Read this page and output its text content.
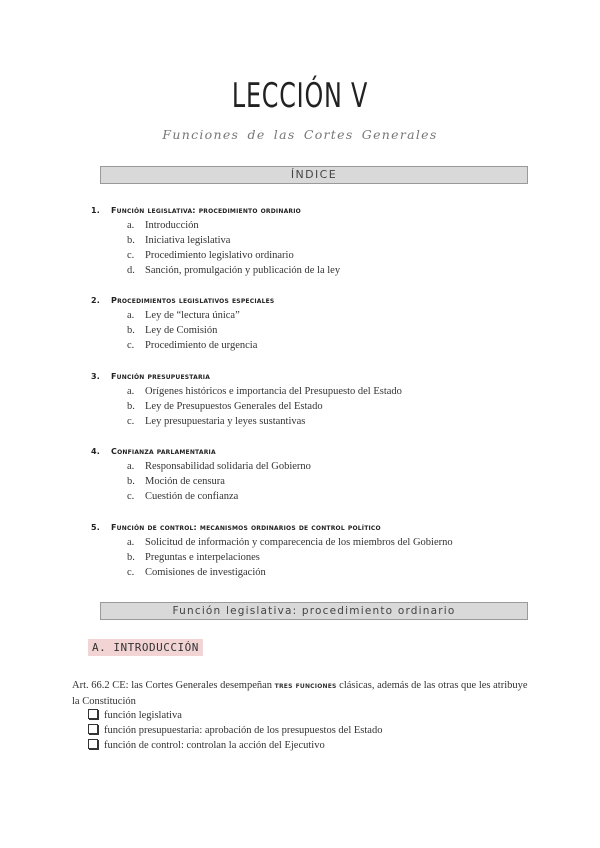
LECCIÓN V
Funciones de las Cortes Generales
ÍNDICE
1. Función legislativa: procedimiento ordinario
a. Introducción
b. Iniciativa legislativa
c. Procedimiento legislativo ordinario
d. Sanción, promulgación y publicación de la ley
2. Procedimientos legislativos especiales
a. Ley de “lectura única”
b. Ley de Comisión
c. Procedimiento de urgencia
3. Función presupuestaria
a. Orígenes históricos e importancia del Presupuesto del Estado
b. Ley de Presupuestos Generales del Estado
c. Ley presupuestaria y leyes sustantivas
4. Confianza parlamentaria
a. Responsabilidad solidaria del Gobierno
b. Moción de censura
c. Cuestión de confianza
5. Función de control: mecanismos ordinarios de control político
a. Solicitud de información y comparecencia de los miembros del Gobierno
b. Preguntas e interpelaciones
c. Comisiones de investigación
Función legislativa: procedimiento ordinario
A. INTRODUCCIÓN
Art. 66.2 CE: las Cortes Generales desempeñan tres funciones clásicas, además de las otras que les atribuye la Constitución
función legislativa
función presupuestaria: aprobación de los presupuestos del Estado
función de control: controlan la acción del Ejecutivo
